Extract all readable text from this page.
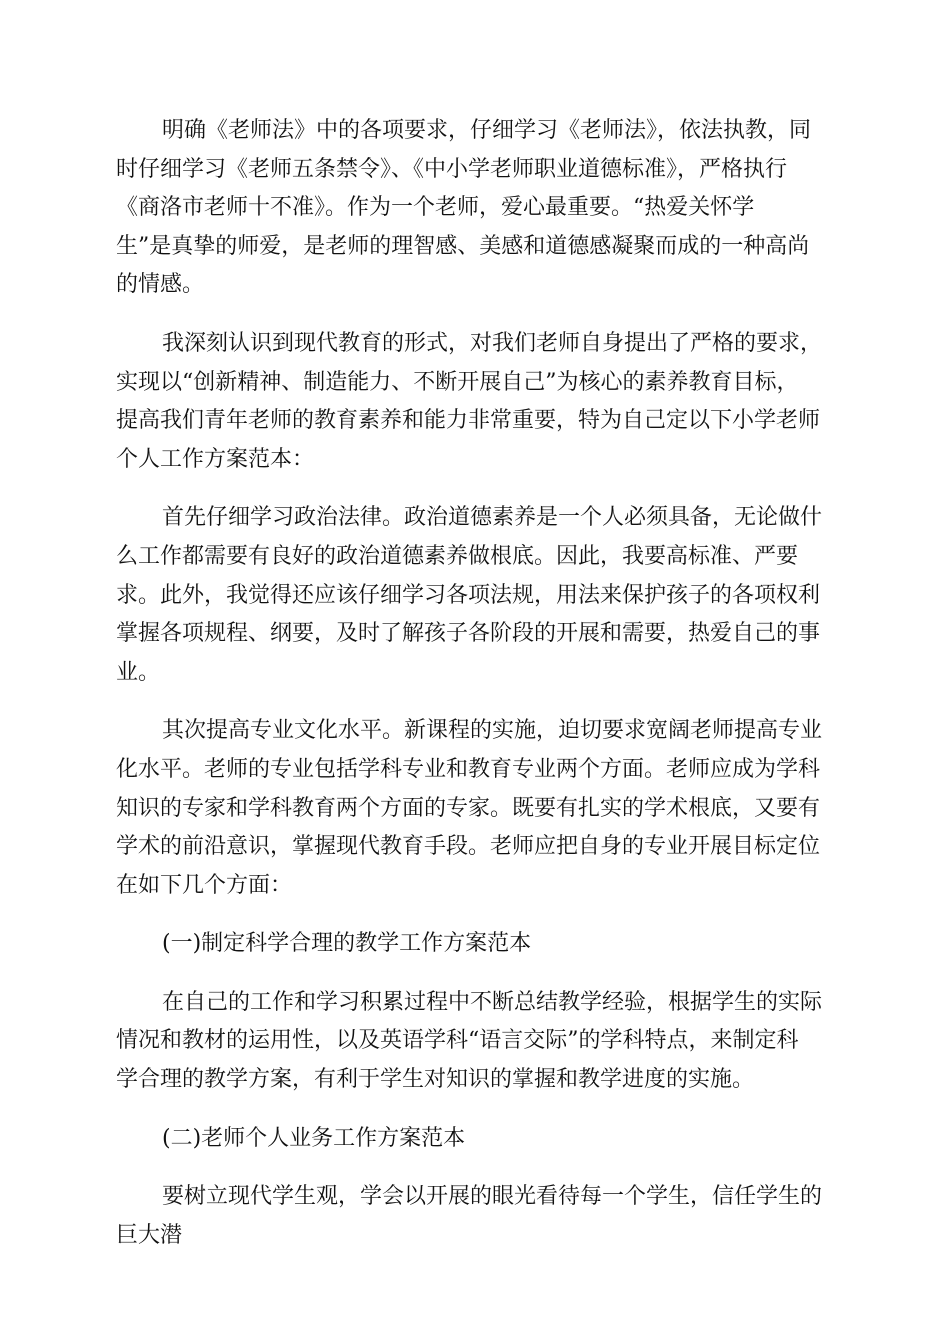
明确《老师法》中的各项要求，仔细学习《老师法》，依法执教，同
时仔细学习《老师五条禁令》、《中小学老师职业道德标准》，严格执行
《商洛市老师十不准》。作为一个老师，爱心最重要。“热爱关怀学
生”是真挚的师爱，是老师的理智感、美感和道德感凝聚而成的一种高尚
的情感。
我深刻认识到现代教育的形式，对我们老师自身提出了严格的要求，
实现以“创新精神、制造能力、不断开展自己”为核心的素养教育目标，
提高我们青年老师的教育素养和能力非常重要，特为自己定以下小学老师
个人工作方案范本：
首先仔细学习政治法律。政治道德素养是一个人必须具备，无论做什
么工作都需要有良好的政治道德素养做根底。因此，我要高标准、严要
求。此外，我觉得还应该仔细学习各项法规，用法来保护孩子的各项权利
掌握各项规程、纲要，及时了解孩子各阶段的开展和需要，热爱自己的事
业。
其次提高专业文化水平。新课程的实施，迫切要求宽阔老师提高专业
化水平。老师的专业包括学科专业和教育专业两个方面。老师应成为学科
知识的专家和学科教育两个方面的专家。既要有扎实的学术根底，又要有
学术的前沿意识，掌握现代教育手段。老师应把自身的专业开展目标定位
在如下几个方面：
(一)制定科学合理的教学工作方案范本
在自己的工作和学习积累过程中不断总结教学经验，根据学生的实际
情况和教材的运用性，以及英语学科“语言交际”的学科特点，来制定科
学合理的教学方案，有利于学生对知识的掌握和教学进度的实施。
(二)老师个人业务工作方案范本
要树立现代学生观，学会以开展的眼光看待每一个学生，信任学生的
巨大潜
